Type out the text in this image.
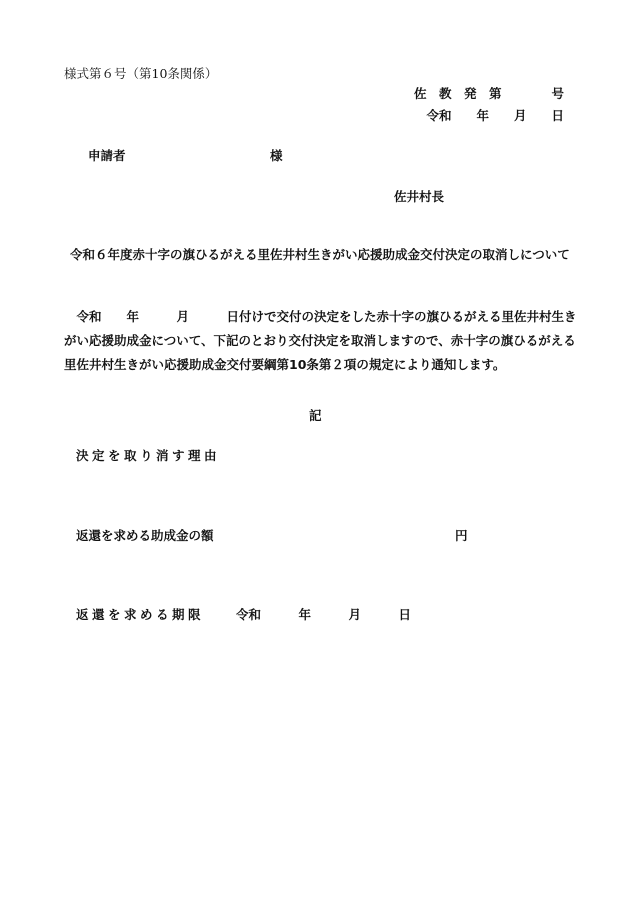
様式第６号（第10条関係）
佐　教　発　第　　　　号
令和　　年　　月　　日
申請者	様
佐井村長
令和６年度赤十字の旗ひるがえる里佐井村生きがい応援助成金交付決定の取消しについて

　令和　　年　　　月　　　日付けで交付の決定をした赤十字の旗ひるがえる里佐井村生きがい応援助成金について、下記のとおり交付決定を取消しますので、赤十字の旗ひるがえる里佐井村生きがい応援助成金交付要綱第10条第２項の規定により通知します。

記
決定を取り消す理由
返還を求める助成金の額	円
返還を求める期限	令和　　　年　　　月　　　日
